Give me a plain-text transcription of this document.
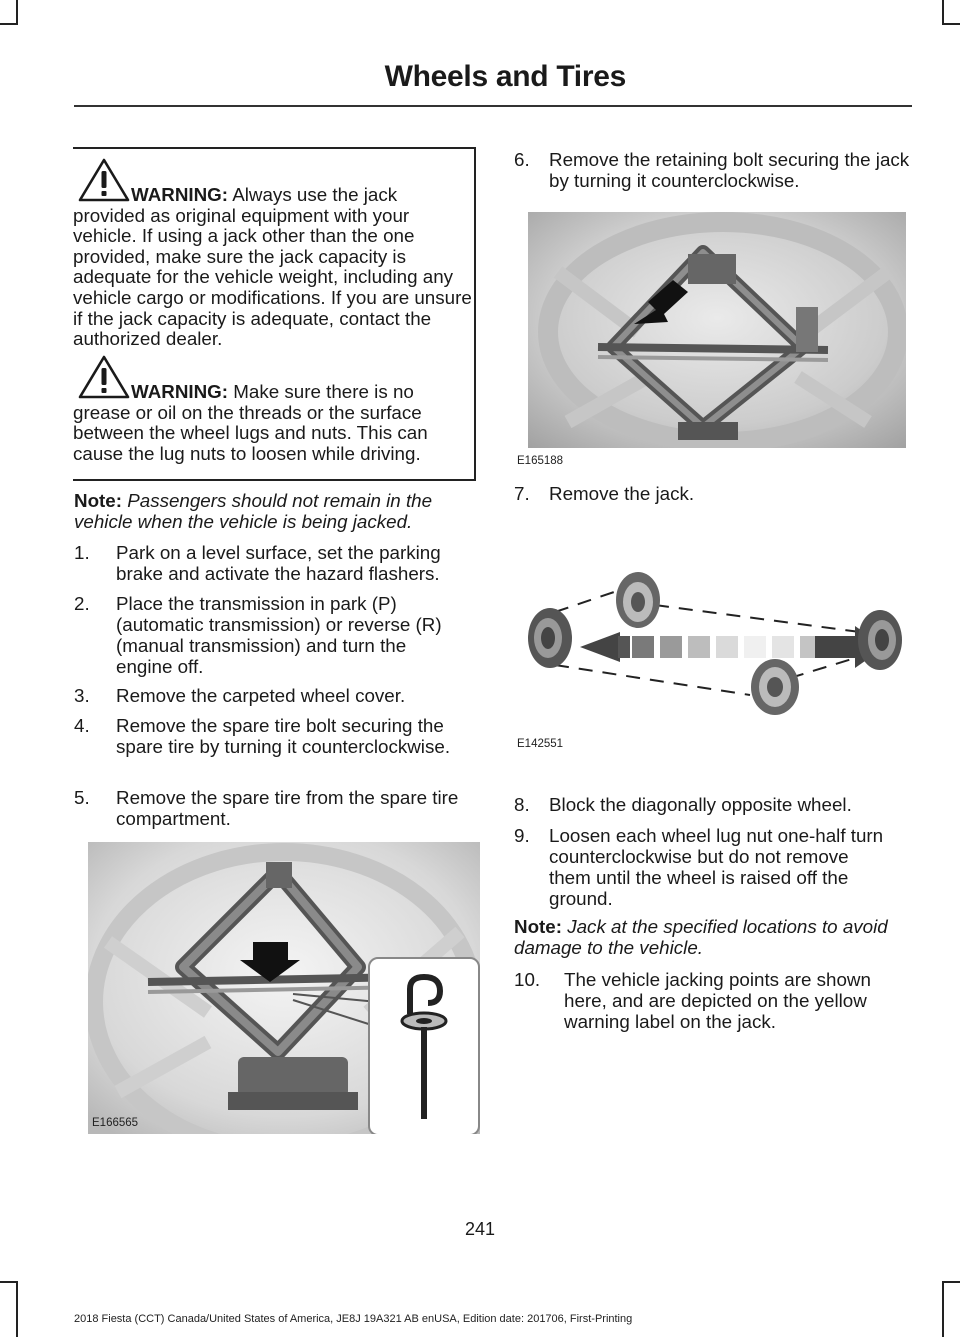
Wheels and Tires
WARNING: Always use the jack provided as original equipment with your vehicle. If using a jack other than the one provided, make sure the jack capacity is adequate for the vehicle weight, including any vehicle cargo or modifications. If you are unsure if the jack capacity is adequate, contact the authorized dealer.
WARNING: Make sure there is no grease or oil on the threads or the surface between the wheel lugs and nuts. This can cause the lug nuts to loosen while driving.
Note: Passengers should not remain in the vehicle when the vehicle is being jacked.
1. Park on a level surface, set the parking brake and activate the hazard flashers.
2. Place the transmission in park (P) (automatic transmission) or reverse (R) (manual transmission) and turn the engine off.
3. Remove the carpeted wheel cover.
4. Remove the spare tire bolt securing the spare tire by turning it counterclockwise.
5. Remove the spare tire from the spare tire compartment.
E166565
6. Remove the retaining bolt securing the jack by turning it counterclockwise.
E165188
7. Remove the jack.
E142551
8. Block the diagonally opposite wheel.
9. Loosen each wheel lug nut one-half turn counterclockwise but do not remove them until the wheel is raised off the ground.
Note: Jack at the specified locations to avoid damage to the vehicle.
10. The vehicle jacking points are shown here, and are depicted on the yellow warning label on the jack.
241
2018 Fiesta (CCT) Canada/United States of America, JE8J 19A321 AB enUSA, Edition date: 201706, First-Printing
